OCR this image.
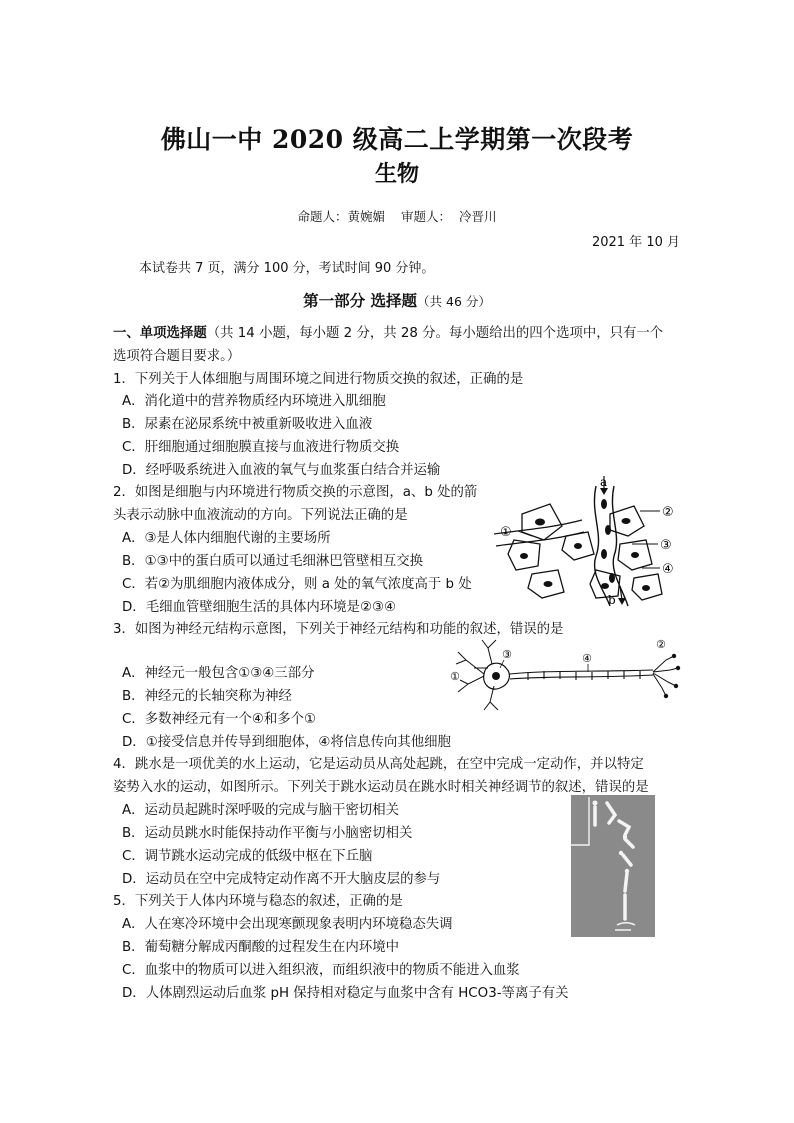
佛山一中 2020 级高二上学期第一次段考
生物
命题人：黄婉媚 审题人： 冷晋川
2021 年 10 月
本试卷共 7 页，满分 100 分，考试时间 90 分钟。
第一部分 选择题（共 46 分）
一、单项选择题（共 14 小题，每小题 2 分，共 28 分。每小题给出的四个选项中，只有一个
选项符合题目要求。）
1．下列关于人体细胞与周围环境之间进行物质交换的叙述，正确的是
A．消化道中的营养物质经内环境进入肌细胞
B．尿素在泌尿系统中被重新吸收进入血液
C．肝细胞通过细胞膜直接与血液进行物质交换
D．经呼吸系统进入血液的氧气与血浆蛋白结合并运输
2．如图是细胞与内环境进行物质交换的示意图，a、b 处的箭
头表示动脉中血液流动的方向。下列说法正确的是
A．③是人体内细胞代谢的主要场所
B．①③中的蛋白质可以通过毛细淋巴管壁相互交换
C．若②为肌细胞内液体成分，则 a 处的氧气浓度高于 b 处
D．毛细血管壁细胞生活的具体内环境是②③④
a
b
①
②
③
④
3．如图为神经元结构示意图，下列关于神经元结构和功能的叙述，错误的是
A．神经元一般包含①③④三部分
B．神经元的长轴突称为神经
C．多数神经元有一个④和多个①
D．①接受信息并传导到细胞体，④将信息传向其他细胞
①
②
③	④
4．跳水是一项优美的水上运动，它是运动员从高处起跳，在空中完成一定动作，并以特定
姿势入水的运动，如图所示。下列关于跳水运动员在跳水时相关神经调节的叙述，错误的是
A．运动员起跳时深呼吸的完成与脑干密切相关
B．运动员跳水时能保持动作平衡与小脑密切相关
C．调节跳水运动完成的低级中枢在下丘脑
D．运动员在空中完成特定动作离不开大脑皮层的参与
5．下列关于人体内环境与稳态的叙述，正确的是
A．人在寒冷环境中会出现寒颤现象表明内环境稳态失调
B．葡萄糖分解成丙酮酸的过程发生在内环境中
C．血浆中的物质可以进入组织液，而组织液中的物质不能进入血浆
D．人体剧烈运动后血浆 pH 保持相对稳定与血浆中含有 HCO3-等离子有关
